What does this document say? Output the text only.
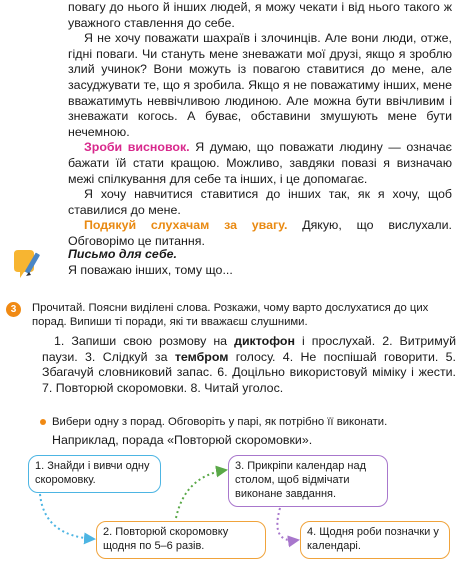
повагу до нього й інших людей, я можу чекати і від нього такого ж уважного ставлення до себе.

Я не хочу поважати шахраїв і злочинців. Але вони люди, отже, гідні поваги. Чи стануть мене зневажати мої друзі, якщо я зроблю злий учинок? Вони можуть із повагою ставитися до мене, але засуджувати те, що я зробила. Якщо я не поважатиму інших, мене вважатимуть неввічливою людиною. Але можна бути ввічливим і зневажати когось. А буває, обставини змушують мене бути нечемною.

Зроби висновок. Я думаю, що поважати людину — означає бажати їй стати кращою. Можливо, завдяки повазі я визначаю межі спілкування для себе та інших, і це допомагає.

Я хочу навчитися ставитися до інших так, як я хочу, щоб ставилися до мене.

Подякуй слухачам за увагу. Дякую, що вислухали. Обговорімо це питання.

Письмо для себе.
Я поважаю інших, тому що...
3	Прочитай. Поясни виділені слова. Розкажи, чому варто дослухатися до цих порад. Випиши ті поради, які ти вважаєш слушними.

1. Запиши свою розмову на диктофон і прослухай. 2. Витримуй паузи. 3. Слідкуй за тембром голосу. 4. Не поспішай говорити. 5. Збагачуй словниковий запас. 6. Доцільно використовуй міміку і жести. 7. Повторюй скоромовки. 8. Читай уголос.

Вибери одну з порад. Обговоріть у парі, як потрібно її виконати.
Наприклад, порада «Повторюй скоромовки».
1. Знайди і вивчи одну скоромовку.
2. Повторюй скоромовку щодня по 5–6 разів.
3. Прикріпи календар над столом, щоб відмічати виконане завдання.
4. Щодня роби позначки у календарі.
